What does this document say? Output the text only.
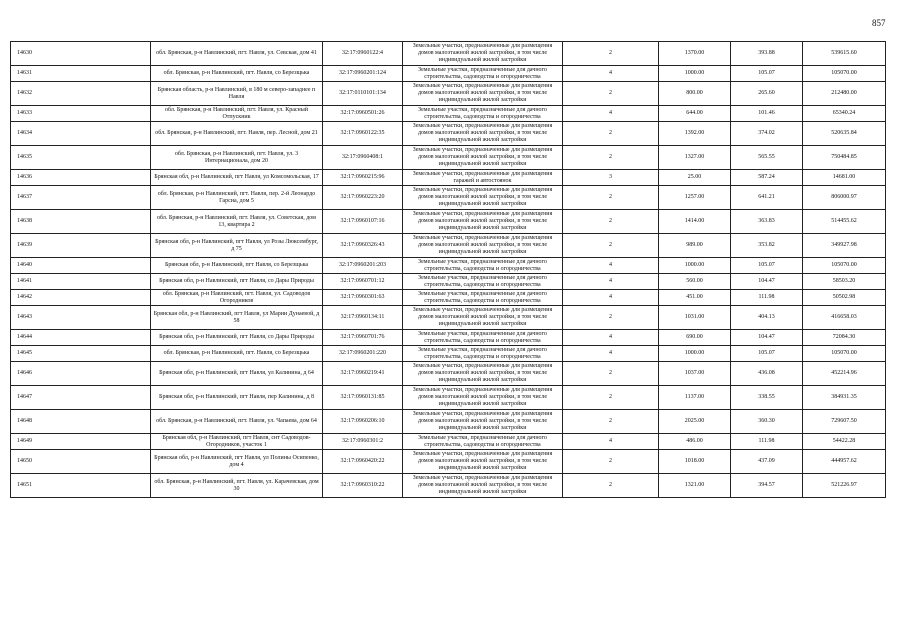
857
14630	обл. Брянская, р-н Навлинский, пгт. Навля, ул. Севская, дом 41	32:17:0960122:4	Земельные участки, предназначенные для размещения домов малоэтажной жилой застройки, в том числе индивидуальной жилой застройки	2	1370.00	393.88	539615.60
14631	обл. Брянская, р-н Навлинский, пгт. Навля, со Березщька	32:17:0960201:124	Земельные участки, предназначенные для дачного строительства, садоводства и огородничества	4	1000.00	105.07	105070.00
14632	Брянская область, р-н Навлинский, в 180 м северо-западнее п Навля	32:17:0110101:134	Земельные участки, предназначенные для размещения домов малоэтажной жилой застройки, в том числе индивидуальной жилой застройки	2	800.00	265.60	212480.00
14633	обл. Брянская, р-н Навлинский, пгт. Навля, ул. Красный Отпускник	32:17:0960501:26	Земельные участки, предназначенные для дачного строительства, садоводства и огородничества	4	644.00	101.46	65340.24
14634	обл. Брянская, р-н Навлинский, пгт. Навля, пер. Лесной, дом 21	32:17:0960122:35	Земельные участки, предназначенные для размещения домов малоэтажной жилой застройки, в том числе индивидуальной жилой застройки	2	1392.00	374.02	520635.84
14635	обл. Брянская, р-н Навлинский, пгт. Навля, ул. 3 Интернационала, дом 20	32:17:0960408:1	Земельные участки, предназначенные для размещения домов малоэтажной жилой застройки, в том числе индивидуальной жилой застройки	2	1327.00	565.55	750484.85
14636	Брянская обл, р-н Навлинский, пгт Навля, ул Комсомольская, 17	32:17:0960215:96	Земельные участки, предназначенные для размещения гаражей и автостоянок	3	25.00	587.24	14681.00
14637	обл. Брянская, р-н Навлинский, пгт. Навля, пер. 2-й Леонардо Гарсиа, дом 5	32:17:0960223:20	Земельные участки, предназначенные для размещения домов малоэтажной жилой застройки, в том числе индивидуальной жилой застройки	2	1257.00	641.21	806000.97
14638	обл. Брянская, р-н Навлинский, пгт. Навля, ул. Советская, дом 13, квартира 2	32:17:0960107:16	Земельные участки, предназначенные для размещения домов малоэтажной жилой застройки, в том числе индивидуальной жилой застройки	2	1414.00	363.83	514455.62
14639	Брянская обл, р-н Навлинский, пгт Навля, ул Розы Люксембург, д 75	32:17:0960326:43	Земельные участки, предназначенные для размещения домов малоэтажной жилой застройки, в том числе индивидуальной жилой застройки	2	989.00	353.82	349927.98
14640	Брянская обл, р-н Навлинский, пгт Навля, со Березщька	32:17:0960201:203	Земельные участки, предназначенные для дачного строительства, садоводства и огородничества	4	1000.00	105.07	105070.00
14641	Брянская обл, р-н Навлинский, пгт Навля, со Дары Природы	32:17:0960701:12	Земельные участки, предназначенные для дачного строительства, садоводства и огородничества	4	560.00	104.47	58503.20
14642	обл. Брянская, р-н Навлинский, пгт. Навля, ул. Садоводов Огородников	32:17:0960301:63	Земельные участки, предназначенные для дачного строительства, садоводства и огородничества	4	451.00	111.98	50502.98
14643	Брянская обл, р-н Навлинский, пгт Навля, ул Марии Дунаевой, д 58	32:17:0960134:11	Земельные участки, предназначенные для размещения домов малоэтажной жилой застройки, в том числе индивидуальной жилой застройки	2	1031.00	404.13	416658.03
14644	Брянская обл, р-н Навлинский, пгт Навля, со Дары Природы	32:17:0960701:76	Земельные участки, предназначенные для дачного строительства, садоводства и огородничества	4	690.00	104.47	72084.30
14645	обл. Брянская, р-н Навлинский, пгт. Навля, со Березщька	32:17:0960201:220	Земельные участки, предназначенные для дачного строительства, садоводства и огородничества	4	1000.00	105.07	105070.00
14646	Брянская обл, р-н Навлинский, пгт Навля, ул Калинина, д 64	32:17:0960219:41	Земельные участки, предназначенные для размещения домов малоэтажной жилой застройки, в том числе индивидуальной жилой застройки	2	1037.00	436.08	452214.96
14647	Брянская обл, р-н Навлинский, пгт Навля, пер Калинина, д 8	32:17:0960131:85	Земельные участки, предназначенные для размещения домов малоэтажной жилой застройки, в том числе индивидуальной жилой застройки	2	1137.00	338.55	384931.35
14648	обл. Брянская, р-н Навлинский, пгт. Навля, ул. Чапаева, дом 64	32:17:0960206:10	Земельные участки, предназначенные для размещения домов малоэтажной жилой застройки, в том числе индивидуальной жилой застройки	2	2025.00	360.30	729607.50
14649	Брянская обл, р-н Навлинский, пгт Навля, снт Садоводов-Огородников, участок 1	32:17:0960301:2	Земельные участки, предназначенные для дачного строительства, садоводства и огородничества	4	486.00	111.98	54422.28
14650	Брянская обл, р-н Навлинский, пгт Навля, ул Полины Осипенко, дом 4	32:17:0960420:22	Земельные участки, предназначенные для размещения домов малоэтажной жилой застройки, в том числе индивидуальной жилой застройки	2	1018.00	437.09	444957.62
14651	обл. Брянская, р-н Навлинский, пгт. Навля, ул. Карачевская, дом 30	32:17:0960310:22	Земельные участки, предназначенные для размещения домов малоэтажной жилой застройки, в том числе индивидуальной жилой застройки	2	1321.00	394.57	521226.97
